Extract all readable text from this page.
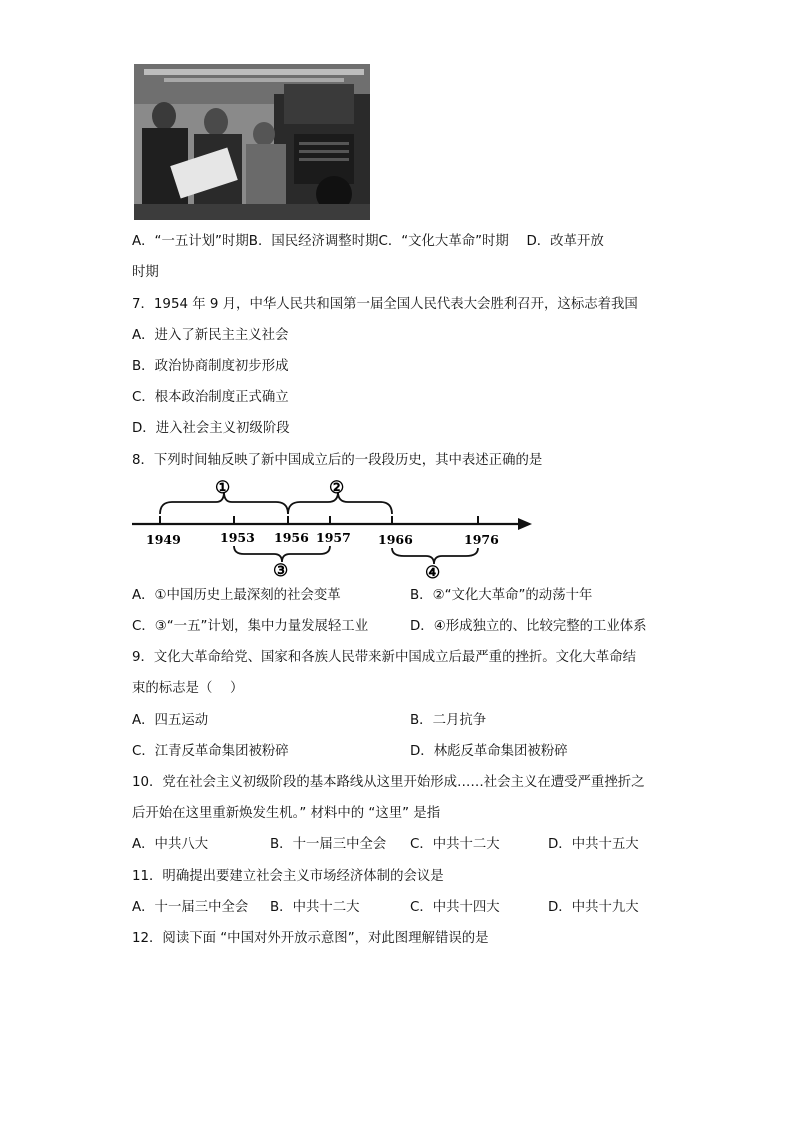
A．“一五计划”时期B．国民经济调整时期C．“文化大革命”时期　 D．改革开放
时期
7．1954 年 9 月，中华人民共和国第一届全国人民代表大会胜利召开，这标志着我国
A．进入了新民主主义社会
B．政治协商制度初步形成
C．根本政治制度正式确立
D．进入社会主义初级阶段
8．下列时间轴反映了新中国成立后的一段段历史，其中表述正确的是
1949	1953 1956 1957 1966	1976
①	②
③	④
A．①中国历史上最深刻的社会变革	B．②“文化大革命”的动荡十年
C．③“一五”计划，集中力量发展轻工业	D．④形成独立的、比较完整的工业体系
9．文化大革命给党、国家和各族人民带来新中国成立后最严重的挫折。文化大革命结
束的标志是（　 ）
A．四五运动	B．二月抗争
C．江青反革命集团被粉碎	D．林彪反革命集团被粉碎
10．党在社会主义初级阶段的基本路线从这里开始形成……社会主义在遭受严重挫折之
后开始在这里重新焕发生机。” 材料中的 “这里” 是指
A．中共八大	B．十一届三中全会 C．中共十二大	D．中共十五大
11．明确提出要建立社会主义市场经济体制的会议是
A．十一届三中全会 B．中共十二大	C．中共十四大	D．中共十九大
12．阅读下面 “中国对外开放示意图”，对此图理解错误的是
